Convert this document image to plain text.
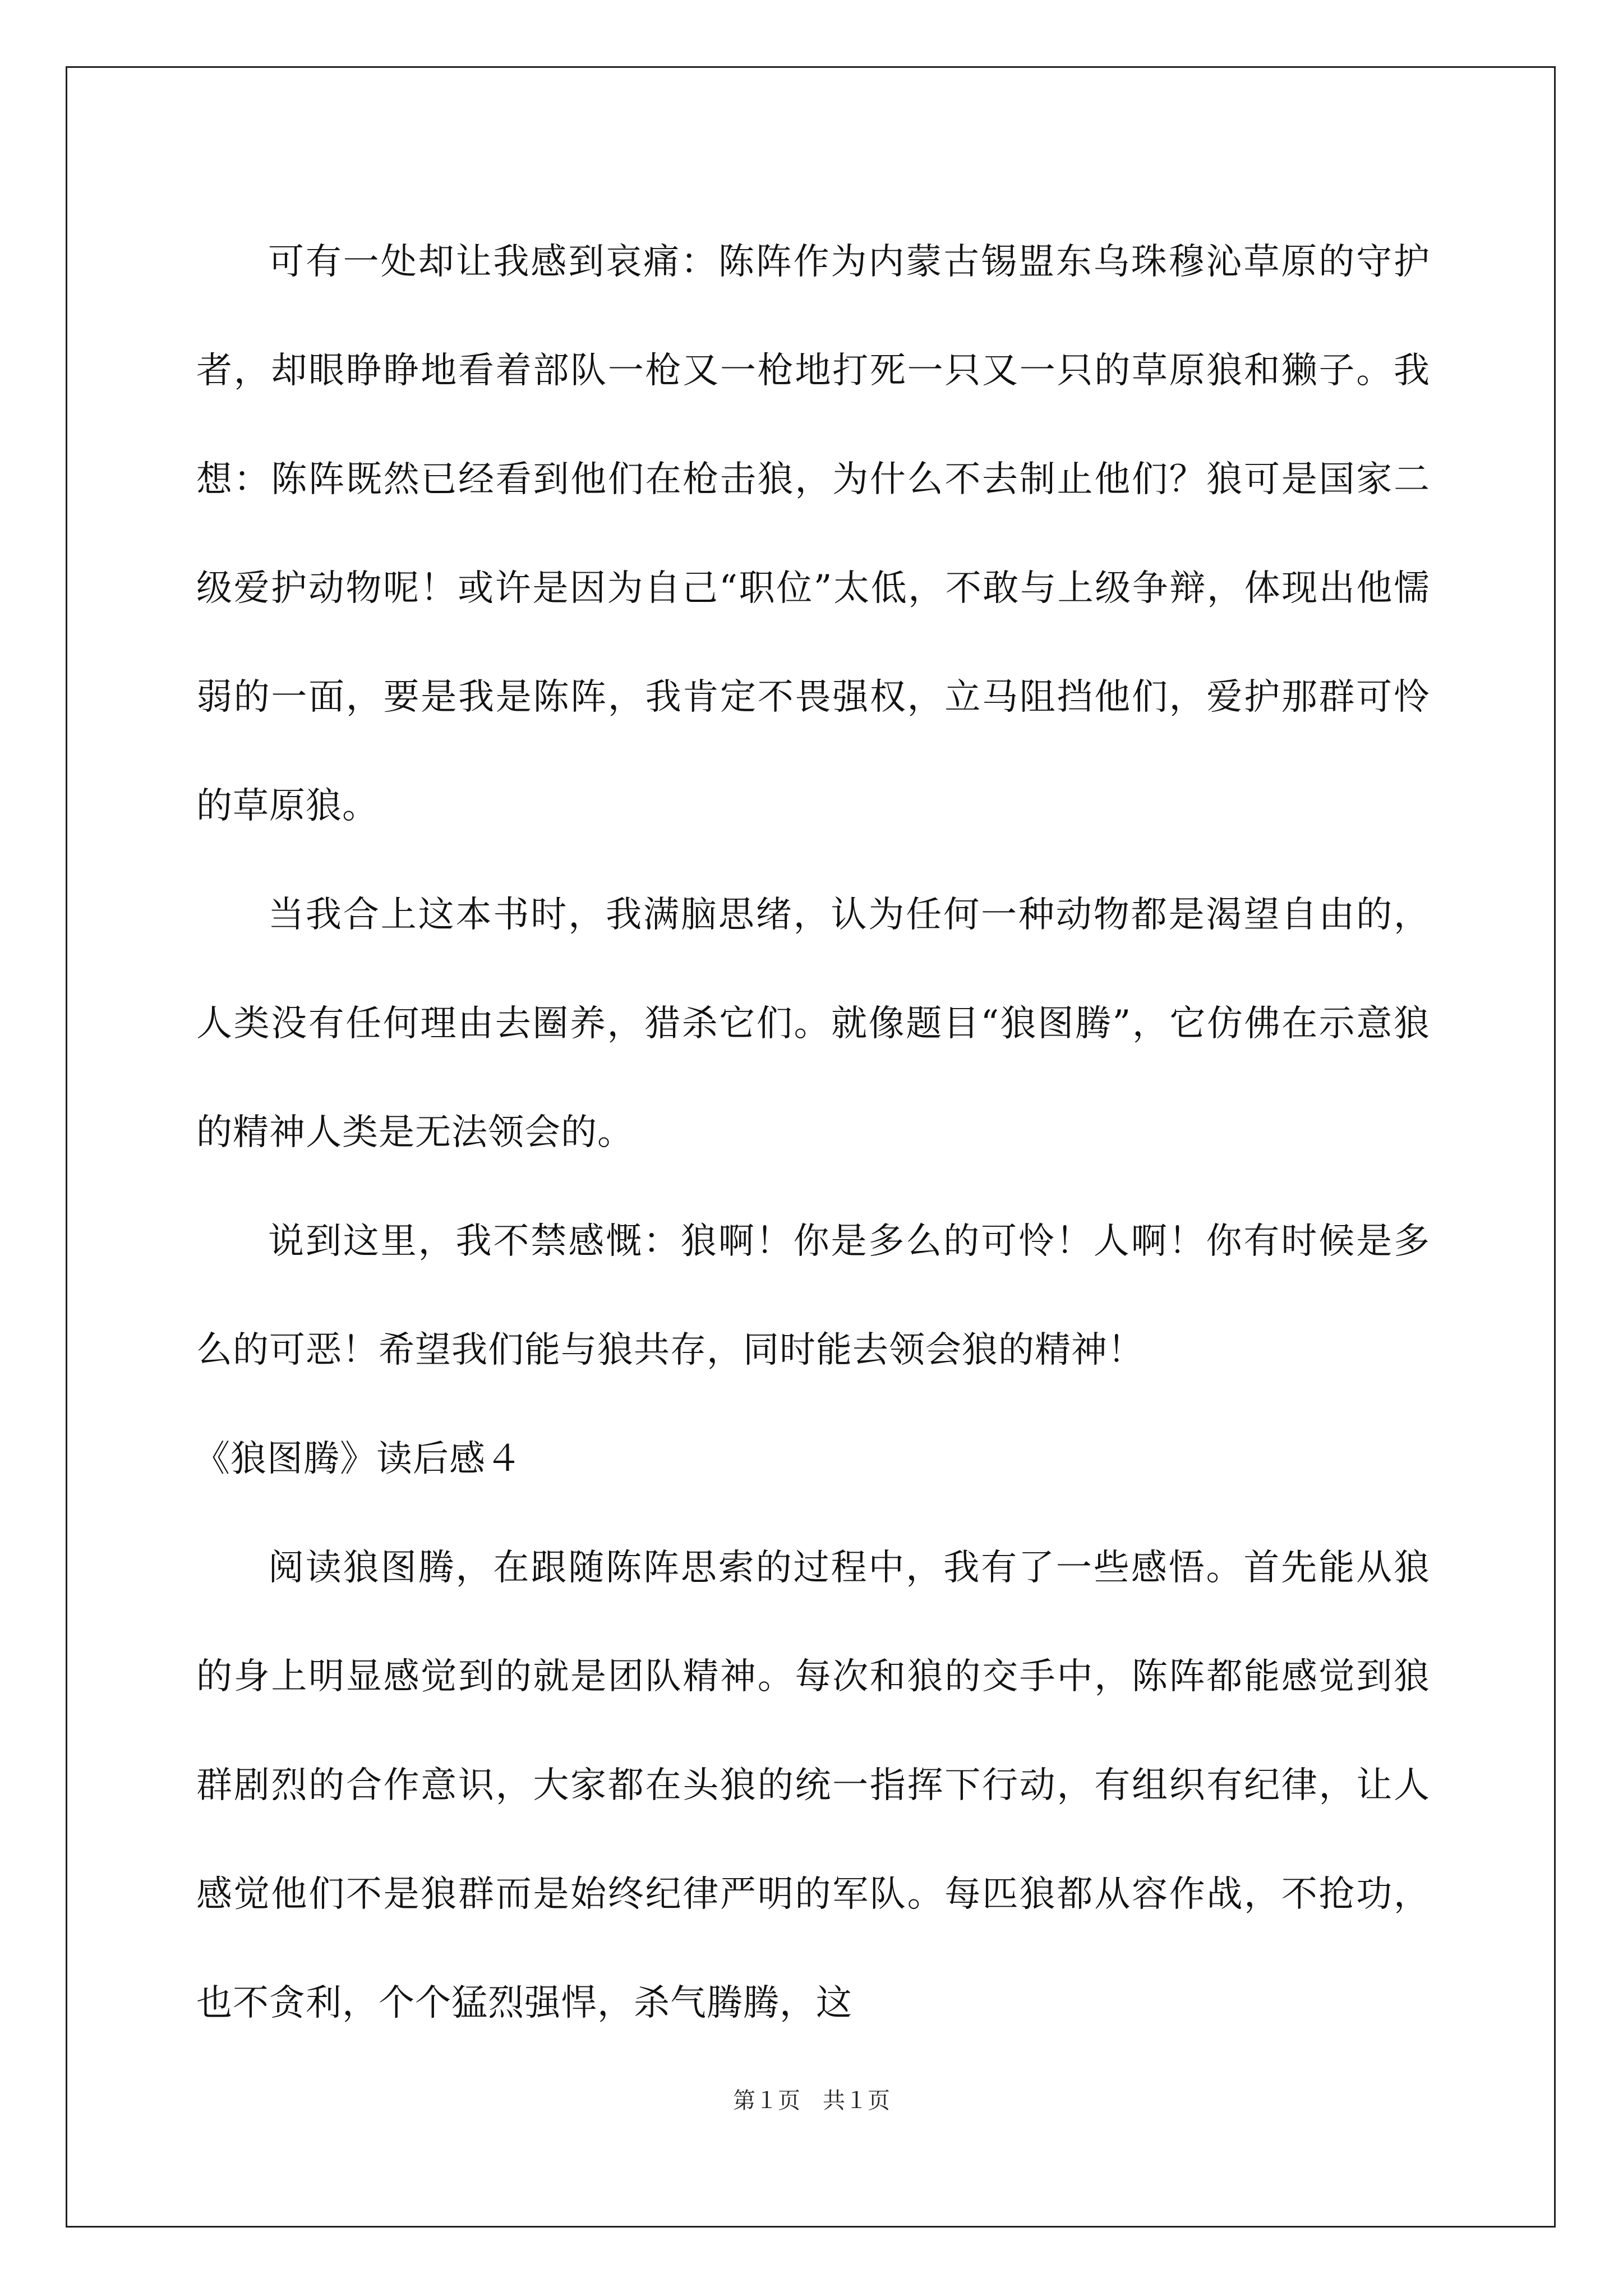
可有一处却让我感到哀痛：陈阵作为内蒙古锡盟东乌珠穆沁草原的守护者，却眼睁睁地看着部队一枪又一枪地打死一只又一只的草原狼和獭子。我想：陈阵既然已经看到他们在枪击狼，为什么不去制止他们？狼可是国家二级爱护动物呢！或许是因为自己“职位”太低，不敢与上级争辩，体现出他懦弱的一面，要是我是陈阵，我肯定不畏强权，立马阻挡他们，爱护那群可怜的草原狼。

当我合上这本书时，我满脑思绪，认为任何一种动物都是渴望自由的，人类没有任何理由去圈养，猎杀它们。就像题目“狼图腾”，它仿佛在示意狼的精神人类是无法领会的。

说到这里，我不禁感慨：狼啊！你是多么的可怜！人啊！你有时候是多么的可恶！希望我们能与狼共存，同时能去领会狼的精神！

《狼图腾》读后感４

阅读狼图腾，在跟随陈阵思索的过程中，我有了一些感悟。首先能从狼的身上明显感觉到的就是团队精神。每次和狼的交手中，陈阵都能感觉到狼群剧烈的合作意识，大家都在头狼的统一指挥下行动，有组织有纪律，让人感觉他们不是狼群而是始终纪律严明的军队。每匹狼都从容作战，不抢功，也不贪利，个个猛烈强悍，杀气腾腾，这

第１页 共１页
